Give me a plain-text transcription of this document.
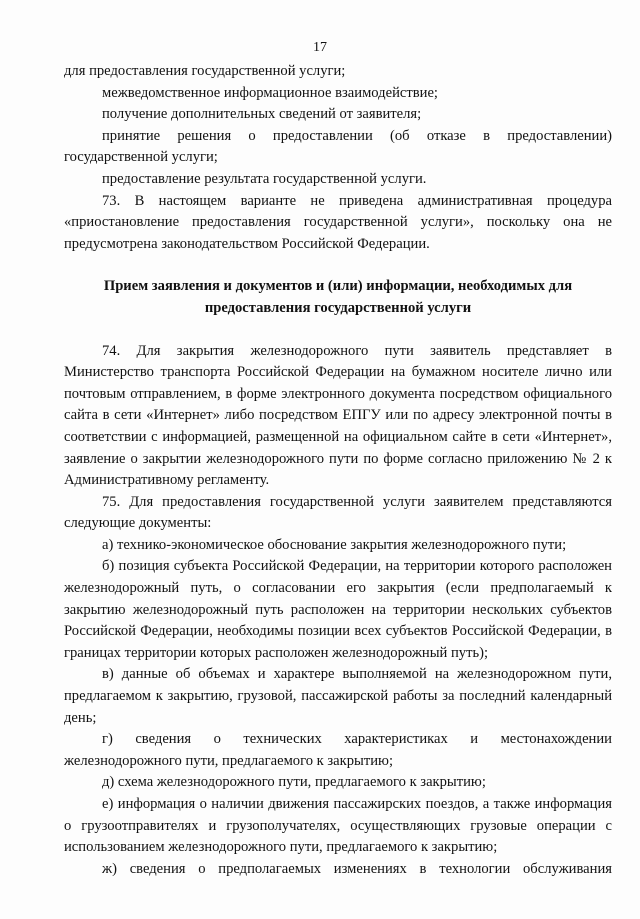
17

для предоставления государственной услуги;

межведомственное информационное взаимодействие;

получение дополнительных сведений от заявителя;

принятие решения о предоставлении (об отказе в предоставлении) государственной услуги;

предоставление результата государственной услуги.

73. В настоящем варианте не приведена административная процедура «приостановление предоставления государственной услуги», поскольку она не предусмотрена законодательством Российской Федерации.

Прием заявления и документов и (или) информации, необходимых для предоставления государственной услуги

74. Для закрытия железнодорожного пути заявитель представляет в Министерство транспорта Российской Федерации на бумажном носителе лично или почтовым отправлением, в форме электронного документа посредством официального сайта в сети «Интернет» либо посредством ЕПГУ или по адресу электронной почты в соответствии с информацией, размещенной на официальном сайте в сети «Интернет», заявление о закрытии железнодорожного пути по форме согласно приложению № 2 к Административному регламенту.

75. Для предоставления государственной услуги заявителем представляются следующие документы:

а) технико-экономическое обоснование закрытия железнодорожного пути;

б) позиция субъекта Российской Федерации, на территории которого расположен железнодорожный путь, о согласовании его закрытия (если предполагаемый к закрытию железнодорожный путь расположен на территории нескольких субъектов Российской Федерации, необходимы позиции всех субъектов Российской Федерации, в границах территории которых расположен железнодорожный путь);

в) данные об объемах и характере выполняемой на железнодорожном пути, предлагаемом к закрытию, грузовой, пассажирской работы за последний календарный день;

г) сведения о технических характеристиках и местонахождении железнодорожного пути, предлагаемого к закрытию;

д) схема железнодорожного пути, предлагаемого к закрытию;

е) информация о наличии движения пассажирских поездов, а также информация о грузоотправителях и грузополучателях, осуществляющих грузовые операции с использованием железнодорожного пути, предлагаемого к закрытию;

ж) сведения о предполагаемых изменениях в технологии обслуживания
